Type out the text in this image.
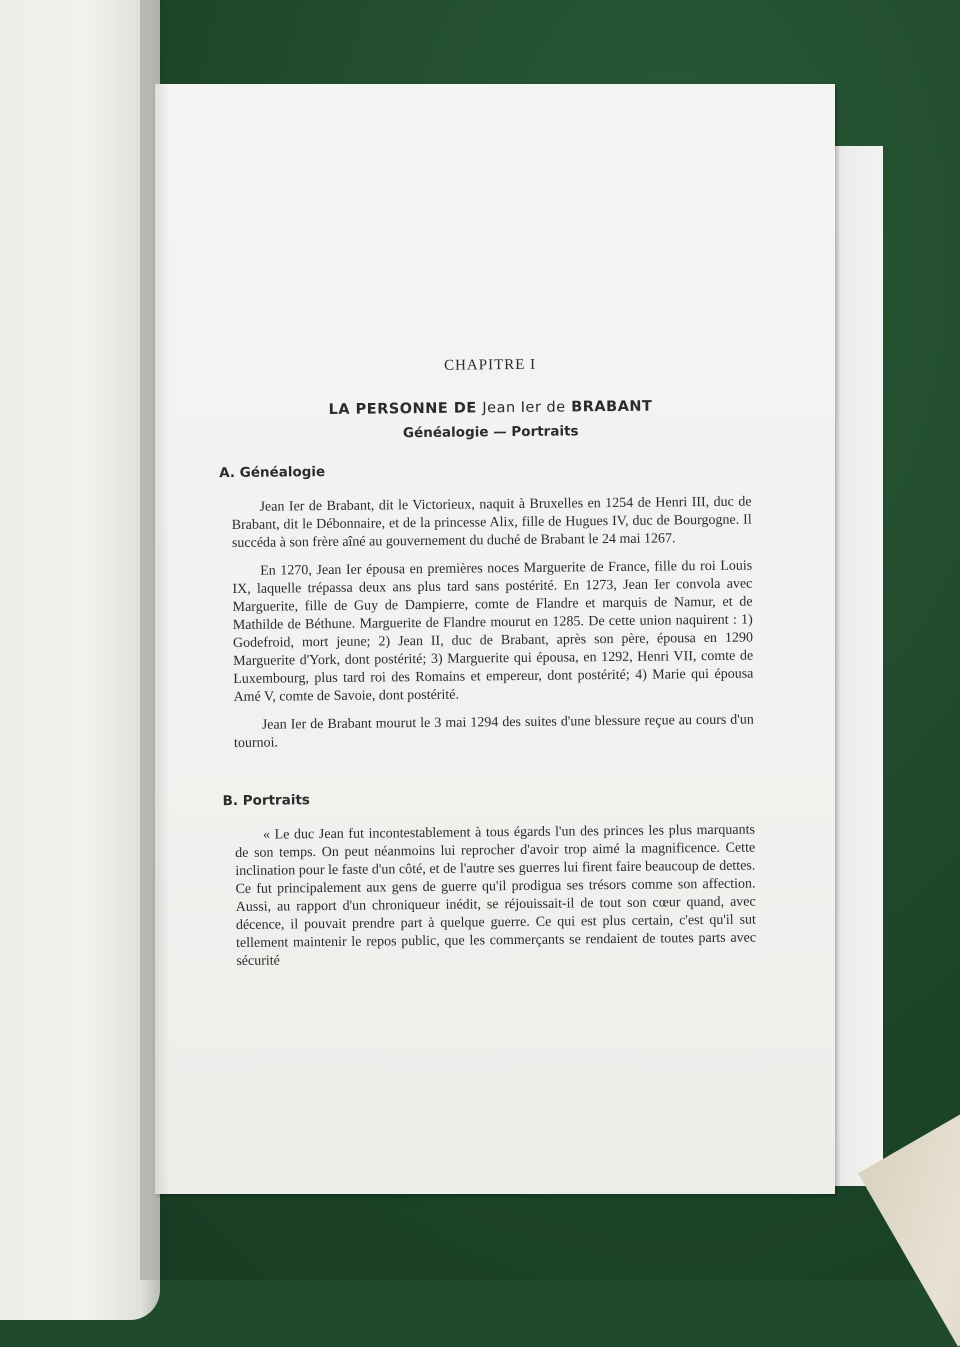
CHAPITRE I
LA PERSONNE DE Jean Ier de BRABANT
Généalogie — Portraits
A. Généalogie

Jean Ier de Brabant, dit le Victorieux, naquit à Bruxelles en 1254 de Henri III, duc de Brabant, dit le Débonnaire, et de la princesse Alix, fille de Hugues IV, duc de Bourgogne. Il succéda à son frère aîné au gouvernement du duché de Brabant le 24 mai 1267.

En 1270, Jean Ier épousa en premières noces Marguerite de France, fille du roi Louis IX, laquelle trépassa deux ans plus tard sans postérité. En 1273, Jean Ier convola avec Marguerite, fille de Guy de Dampierre, comte de Flandre et marquis de Namur, et de Mathilde de Béthune. Marguerite de Flandre mourut en 1285. De cette union naquirent : 1) Godefroid, mort jeune; 2) Jean II, duc de Brabant, après son père, épousa en 1290 Marguerite d'York, dont postérité; 3) Marguerite qui épousa, en 1292, Henri VII, comte de Luxembourg, plus tard roi des Romains et empereur, dont postérité; 4) Marie qui épousa Amé V, comte de Savoie, dont postérité.

Jean Ier de Brabant mourut le 3 mai 1294 des suites d'une blessure reçue au cours d'un tournoi.

B. Portraits

« Le duc Jean fut incontestablement à tous égards l'un des princes les plus marquants de son temps. On peut néanmoins lui reprocher d'avoir trop aimé la magnificence. Cette inclination pour le faste d'un côté, et de l'autre ses guerres lui firent faire beaucoup de dettes. Ce fut principalement aux gens de guerre qu'il prodigua ses trésors comme son affection. Aussi, au rapport d'un chroniqueur inédit, se réjouissait-il de tout son cœur quand, avec décence, il pouvait prendre part à quelque guerre. Ce qui est plus certain, c'est qu'il sut tellement maintenir le repos public, que les commerçants se rendaient de toutes parts avec sécurité
